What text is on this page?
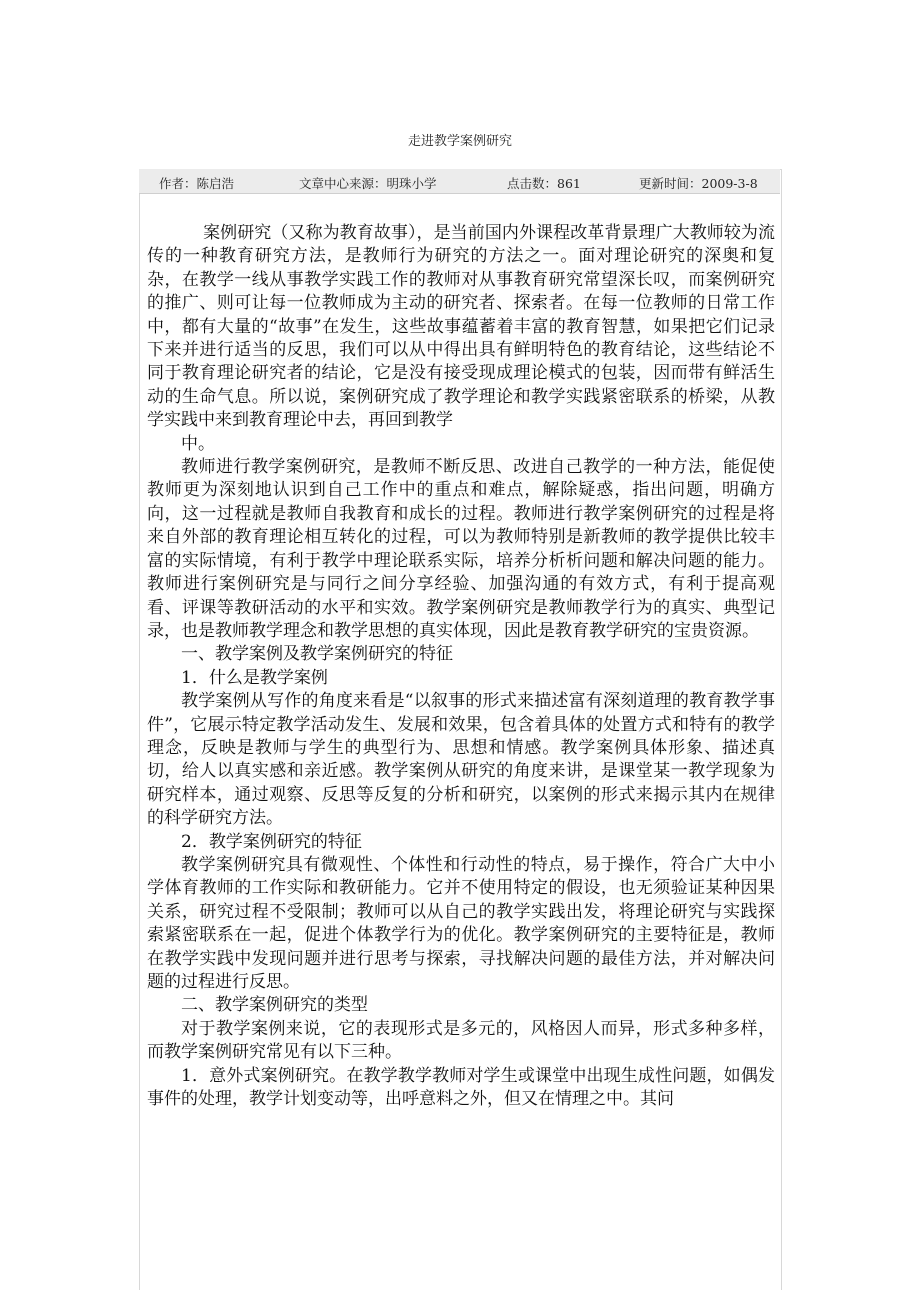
走进教学案例研究
作者：陈启浩	文章中心来源：明珠小学	点击数：861	更新时间：2009-3-8

案例研究（又称为教育故事），是当前国内外课程改革背景理广大教师较为流传的一种教育研究方法，是教师行为研究的方法之一。面对理论研究的深奥和复杂，在教学一线从事教学实践工作的教师对从事教育研究常望深长叹，而案例研究的推广、则可让每一位教师成为主动的研究者、探索者。在每一位教师的日常工作中，都有大量的“故事”在发生，这些故事蕴蓄着丰富的教育智慧，如果把它们记录下来并进行适当的反思，我们可以从中得出具有鲜明特色的教育结论，这些结论不同于教育理论研究者的结论，它是没有接受现成理论模式的包装，因而带有鲜活生动的生命气息。所以说，案例研究成了教学理论和教学实践紧密联系的桥梁，从教学实践中来到教育理论中去，再回到教学

中。

教师进行教学案例研究，是教师不断反思、改进自己教学的一种方法，能促使教师更为深刻地认识到自己工作中的重点和难点，解除疑惑，指出问题，明确方向，这一过程就是教师自我教育和成长的过程。教师进行教学案例研究的过程是将来自外部的教育理论相互转化的过程，可以为教师特别是新教师的教学提供比较丰富的实际情境，有利于教学中理论联系实际，培养分析析问题和解决问题的能力。教师进行案例研究是与同行之间分享经验、加强沟通的有效方式，有利于提高观看、评课等教研活动的水平和实效。教学案例研究是教师教学行为的真实、典型记录，也是教师教学理念和教学思想的真实体现，因此是教育教学研究的宝贵资源。

一、教学案例及教学案例研究的特征

1．什么是教学案例

教学案例从写作的角度来看是“以叙事的形式来描述富有深刻道理的教育教学事件”，它展示特定教学活动发生、发展和效果，包含着具体的处置方式和特有的教学理念，反映是教师与学生的典型行为、思想和情感。教学案例具体形象、描述真切，给人以真实感和亲近感。教学案例从研究的角度来讲，是课堂某一教学现象为研究样本，通过观察、反思等反复的分析和研究，以案例的形式来揭示其内在规律的科学研究方法。

2．教学案例研究的特征

教学案例研究具有微观性、个体性和行动性的特点，易于操作，符合广大中小学体育教师的工作实际和教研能力。它并不使用特定的假设，也无须验证某种因果关系，研究过程不受限制；教师可以从自己的教学实践出发，将理论研究与实践探索紧密联系在一起，促进个体教学行为的优化。教学案例研究的主要特征是，教师在教学实践中发现问题并进行思考与探索，寻找解决问题的最佳方法，并对解决问题的过程进行反思。

二、教学案例研究的类型

对于教学案例来说，它的表现形式是多元的，风格因人而异，形式多种多样，而教学案例研究常见有以下三种。

1．意外式案例研究。在教学教学教师对学生或课堂中出现生成性问题，如偶发事件的处理，教学计划变动等，出呼意料之外，但又在情理之中。其问
